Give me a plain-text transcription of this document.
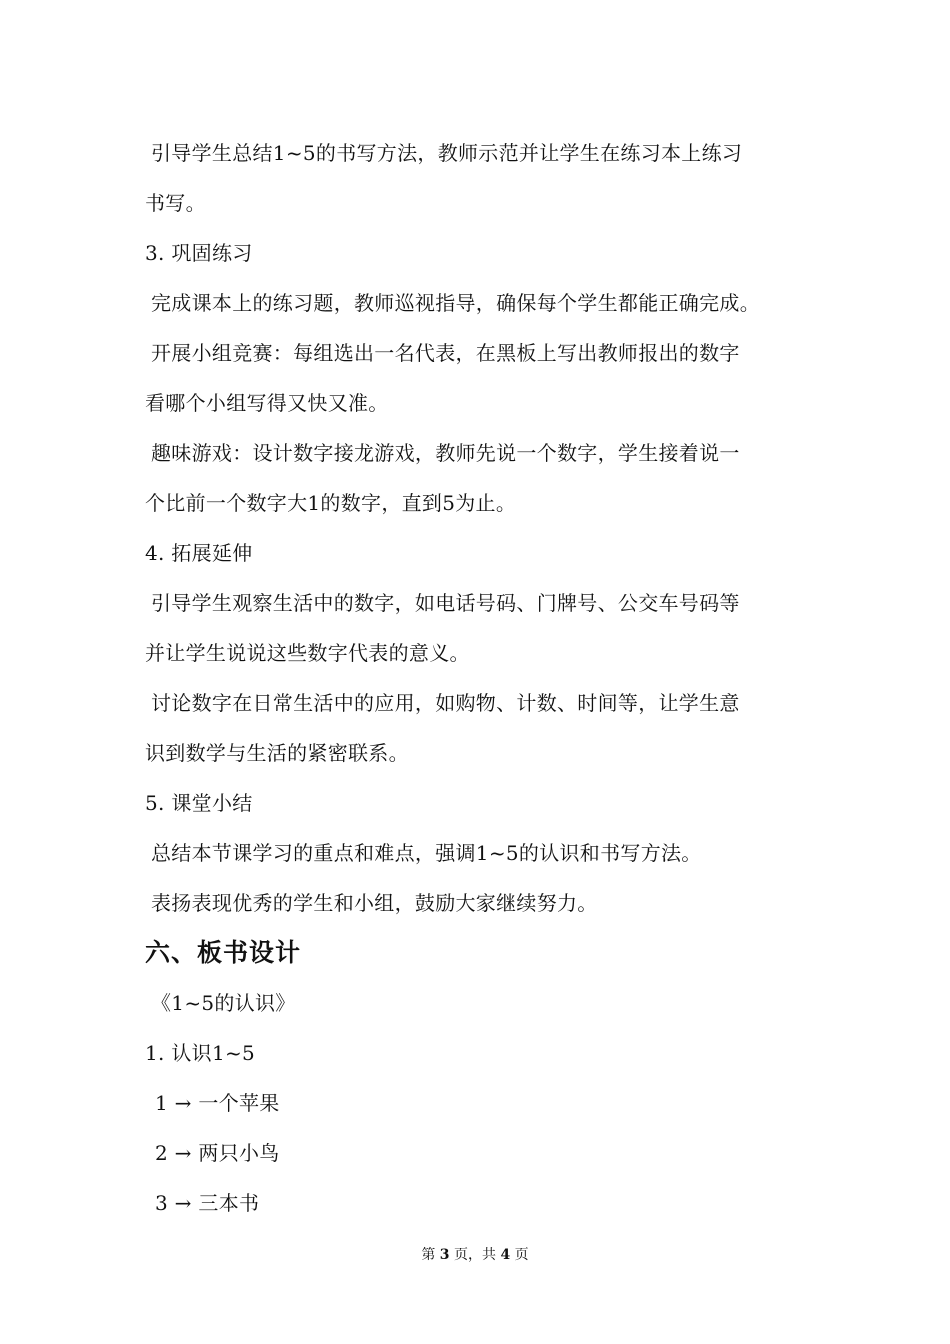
引导学生总结1~5的书写方法，教师示范并让学生在练习本上练习
书写。
3. 巩固练习
完成课本上的练习题，教师巡视指导，确保每个学生都能正确完成。
开展小组竞赛：每组选出一名代表，在黑板上写出教师报出的数字
看哪个小组写得又快又准。
趣味游戏：设计数字接龙游戏，教师先说一个数字，学生接着说一
个比前一个数字大1的数字，直到5为止。
4. 拓展延伸
引导学生观察生活中的数字，如电话号码、门牌号、公交车号码等
并让学生说说这些数字代表的意义。
讨论数字在日常生活中的应用，如购物、计数、时间等，让学生意
识到数学与生活的紧密联系。
5. 课堂小结
总结本节课学习的重点和难点，强调1~5的认识和书写方法。
表扬表现优秀的学生和小组，鼓励大家继续努力。
六、板书设计
《1~5的认识》
1. 认识1~5
1 → 一个苹果
2 → 两只小鸟
3 → 三本书
第 3 页，共 4 页
